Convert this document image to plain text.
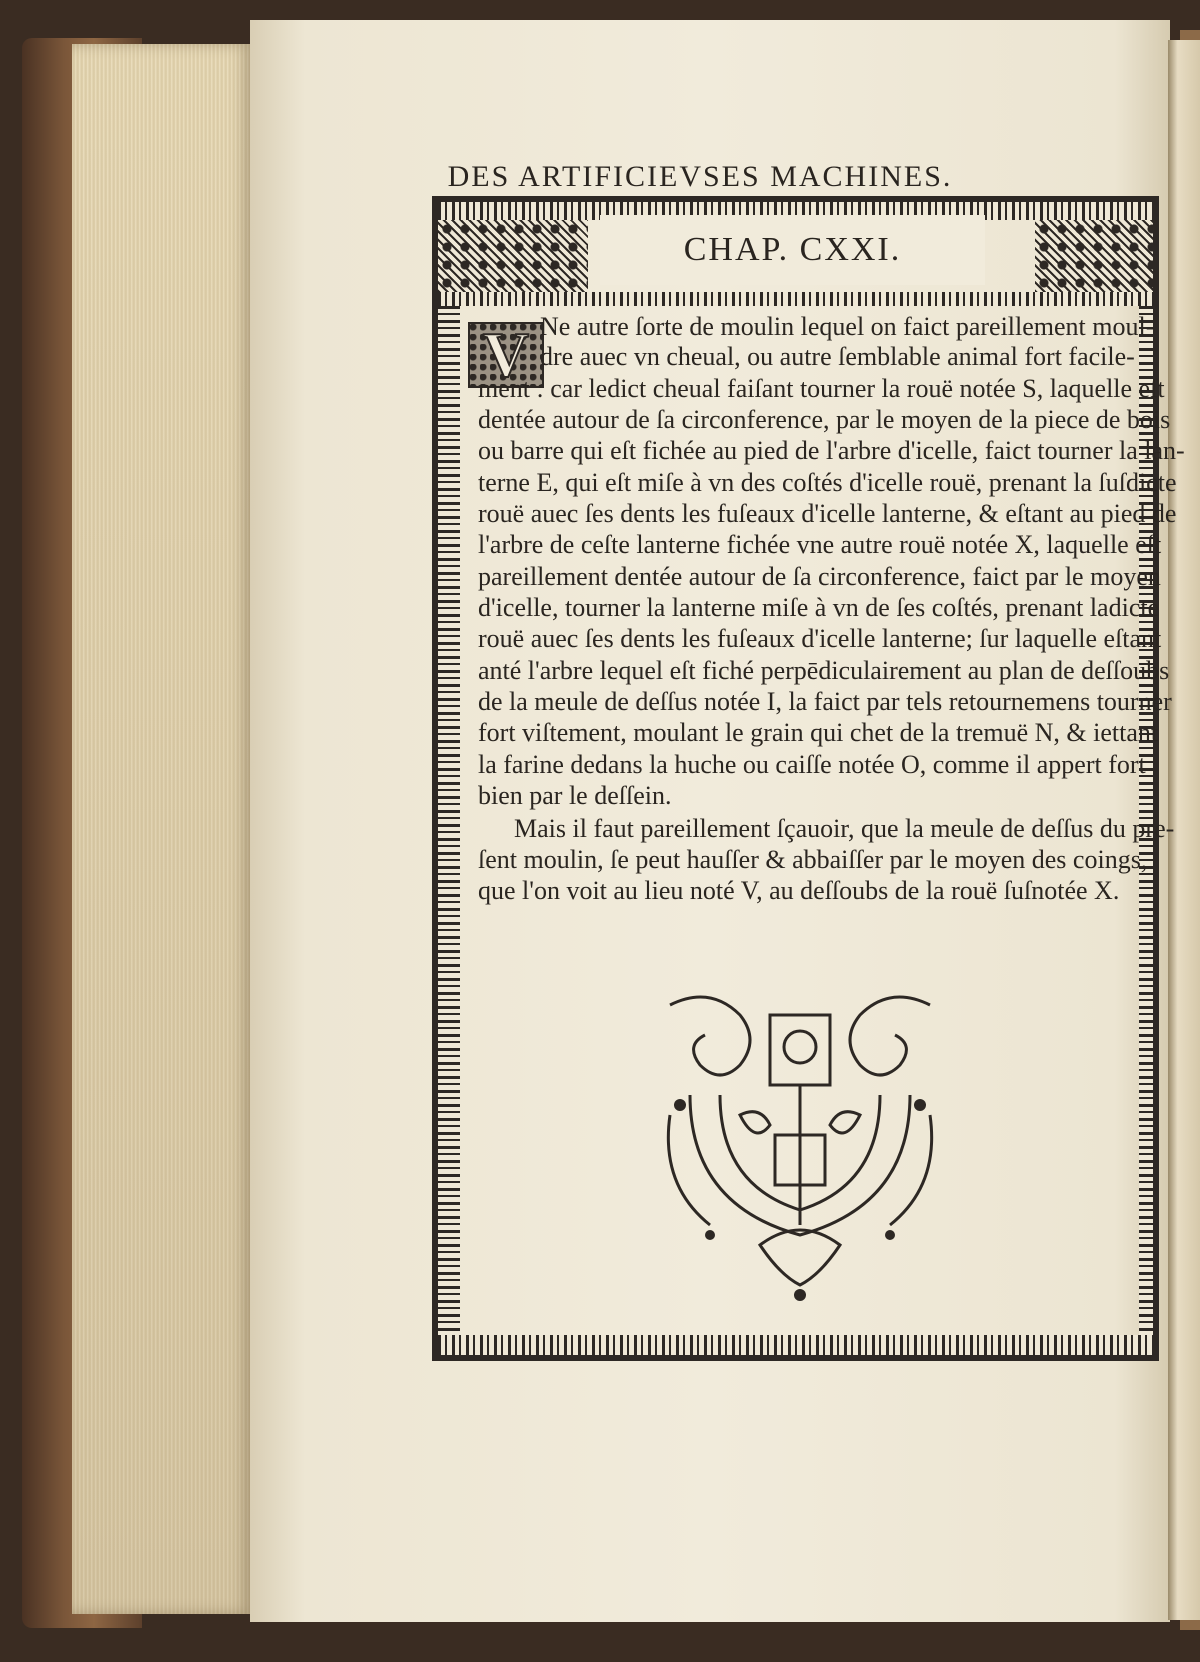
DES ARTIFICIEVSES MACHINES.
CHAP. CXXI.
V Ne autre ſorte de moulin lequel on faict pareillement moul-
dre auec vn cheual, ou autre ſemblable animal fort facile-
ment : car ledict cheual faiſant tourner la rouë notée S, laquelle eſt
dentée autour de ſa circonference, par le moyen de la piece de bois
ou barre qui eſt fichée au pied de l'arbre d'icelle, faict tourner la lan-
terne E, qui eſt miſe à vn des coſtés d'icelle rouë, prenant la ſuſdicte
rouë auec ſes dents les fuſeaux d'icelle lanterne, & eſtant au pied de
l'arbre de ceſte lanterne fichée vne autre rouë notée X, laquelle eſt
pareillement dentée autour de ſa circonference, faict par le moyen
d'icelle, tourner la lanterne miſe à vn de ſes coſtés, prenant ladicte
rouë auec ſes dents les fuſeaux d'icelle lanterne; ſur laquelle eſtant
anté l'arbre lequel eſt fiché perpēdiculairement au plan de deſſoubs
de la meule de deſſus notée I, la faict par tels retournemens tourner
fort viſtement, moulant le grain qui chet de la tremuë N, & iettant
la farine dedans la huche ou caiſſe notée O, comme il appert fort
bien par le deſſein.
Mais il faut pareillement ſçauoir, que la meule de deſſus du pre-
ſent moulin, ſe peut hauſſer & abbaiſſer par le moyen des coings,
que l'on voit au lieu noté V, au deſſoubs de la rouë ſuſnotée X.
